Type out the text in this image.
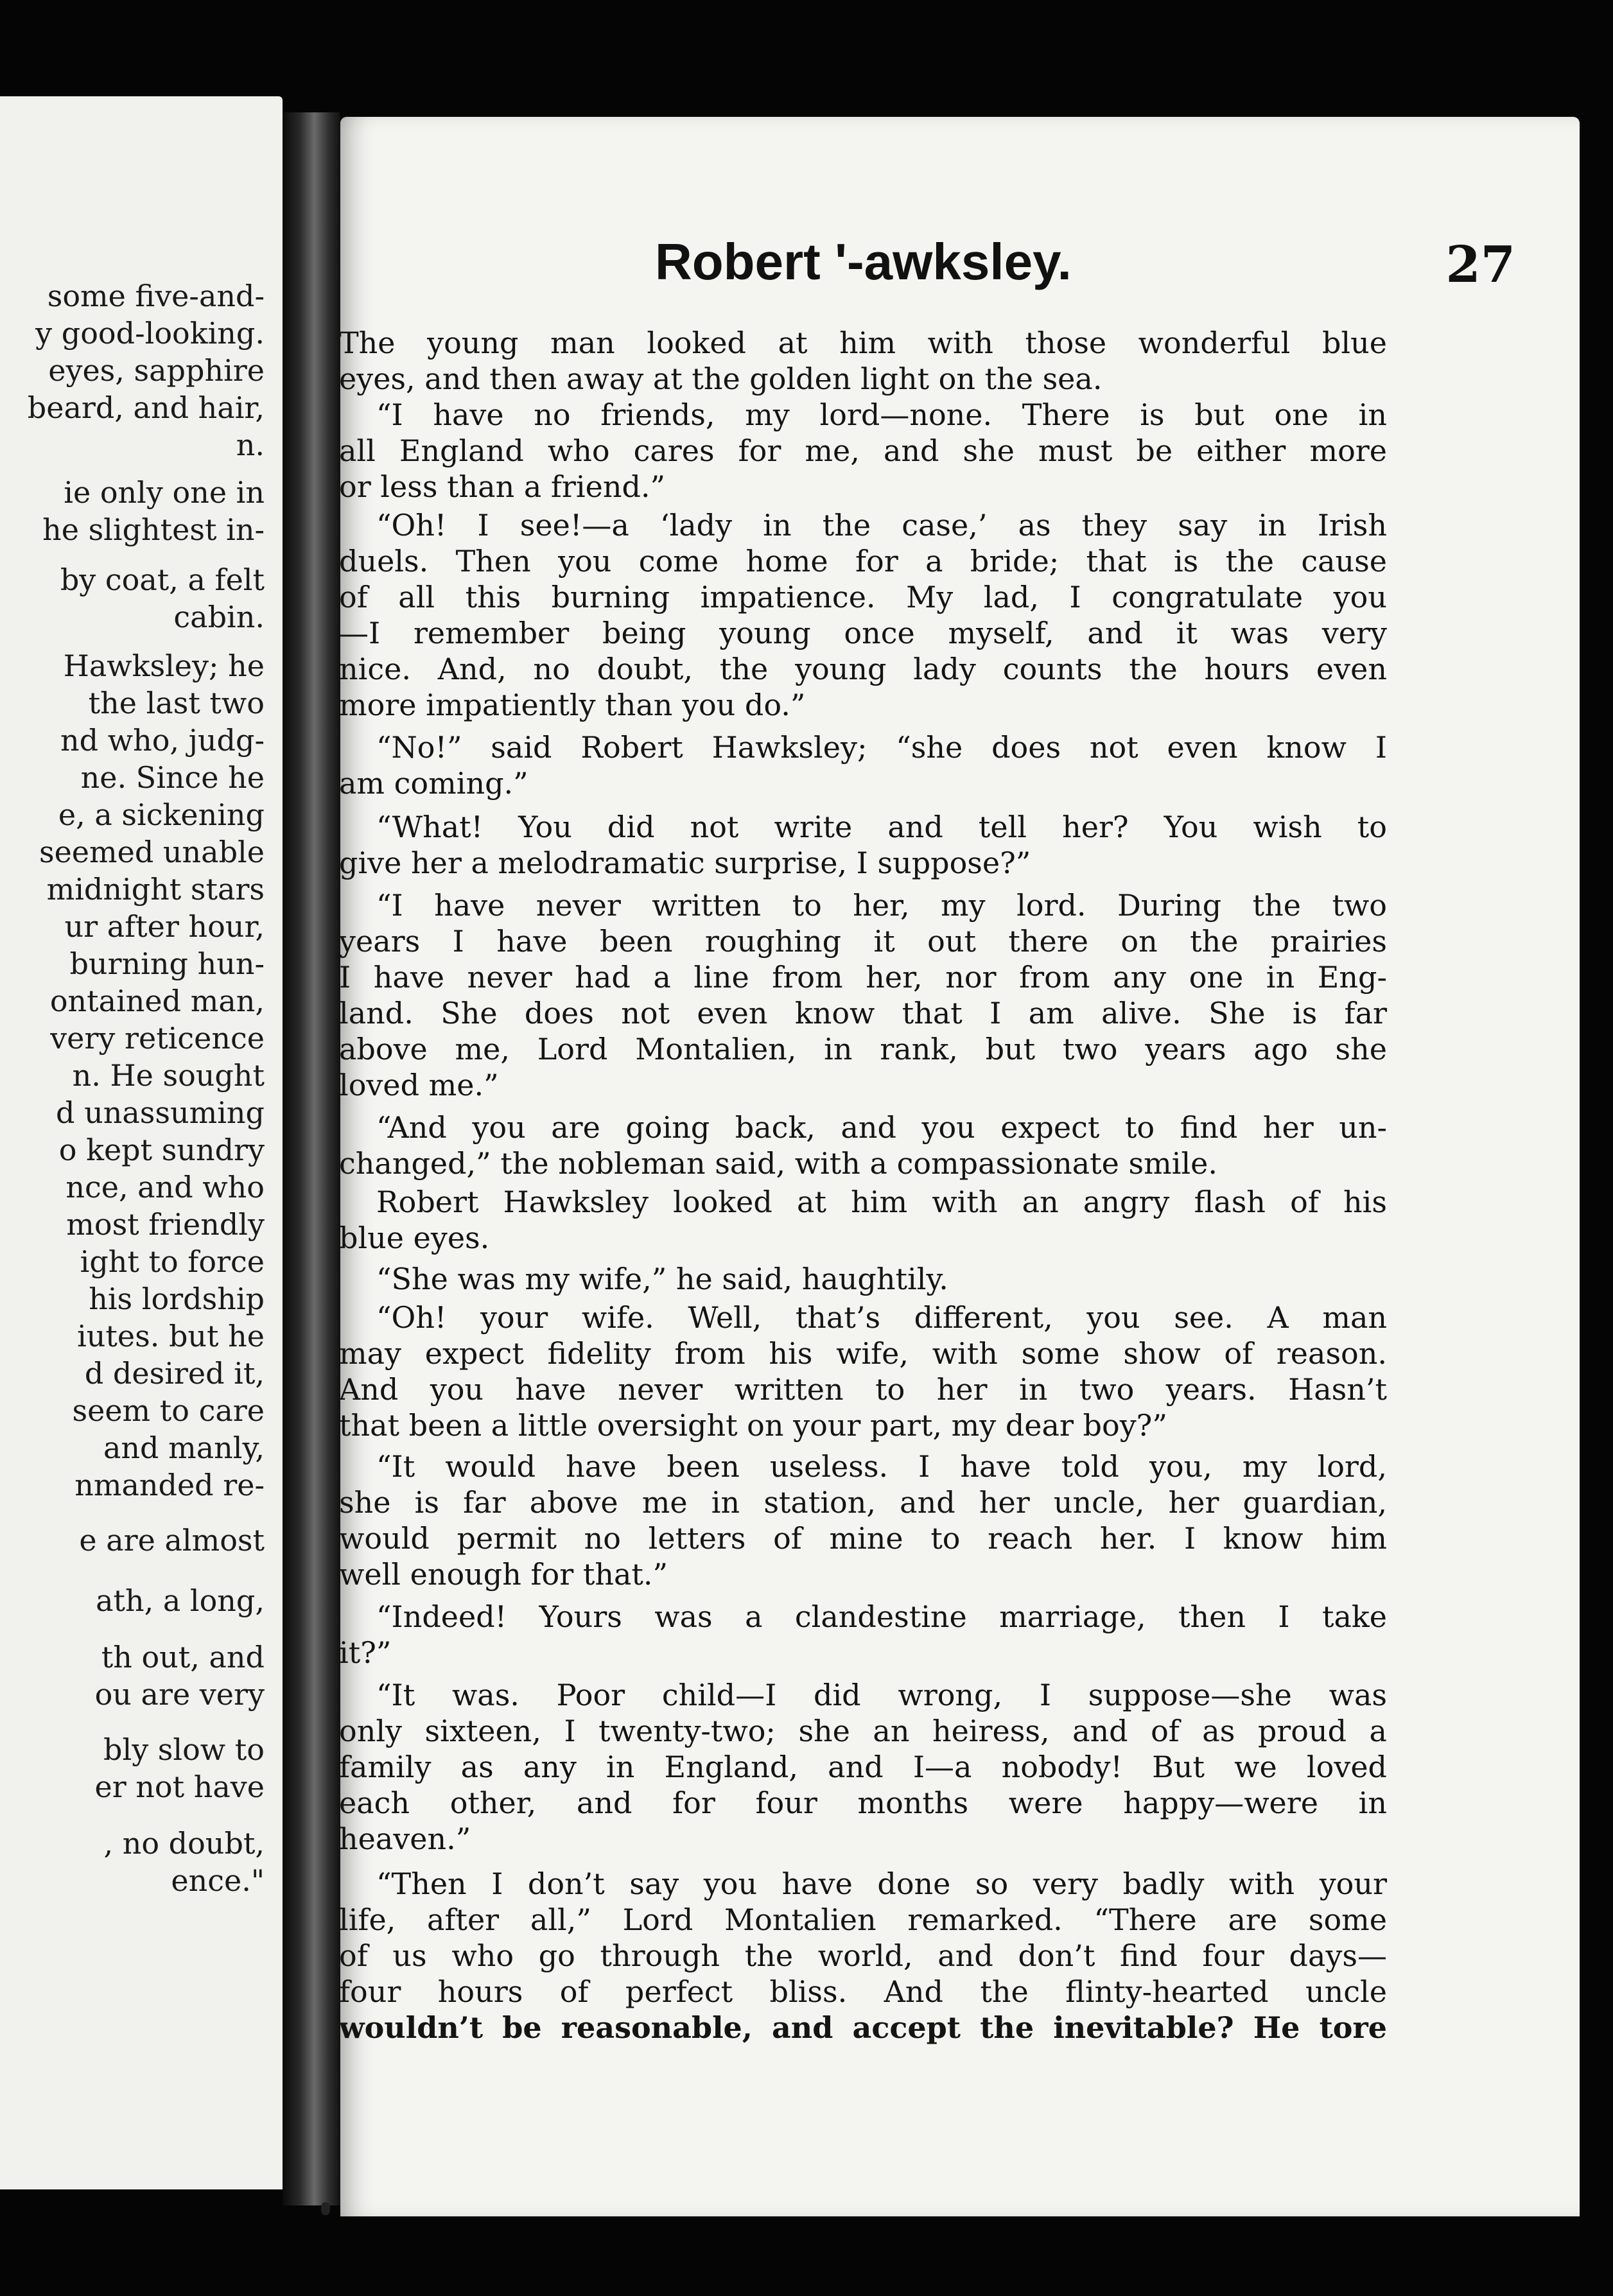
some five-and-
y good-looking.
eyes, sapphire
beard, and hair,
n.
ie only one in
he slightest in-
by coat, a felt
cabin.
Hawksley; he
the last two
nd who, judg-
ne. Since he
e, a sickening
seemed unable
midnight stars
ur after hour,
burning hun-
ontained man,
very reticence
n. He sought
d unassuming
o kept sundry
nce, and who
most friendly
ight to force
his lordship
iutes. but he
d desired it,
seem to care
and manly,
nmanded re-
e are almost
ath, a long,
th out, and
ou are very
bly slow to
er not have
, no doubt,
ence."
Robert '-awksley.	27
The young man looked at him with those wonderful blue
eyes, and then away at the golden light on the sea.
“I have no friends, my lord—none. There is but one in
all England who cares for me, and she must be either more
or less than a friend.”
“Oh! I see!—a ‘lady in the case,’ as they say in Irish
duels. Then you come home for a bride; that is the cause
of all this burning impatience. My lad, I congratulate you
—I remember being young once myself, and it was very
nice. And, no doubt, the young lady counts the hours even
more impatiently than you do.”
“No!” said Robert Hawksley; “she does not even know I
am coming.”
“What! You did not write and tell her? You wish to
give her a melodramatic surprise, I suppose?”
“I have never written to her, my lord. During the two
years I have been roughing it out there on the prairies
I have never had a line from her, nor from any one in Eng-
land. She does not even know that I am alive. She is far
above me, Lord Montalien, in rank, but two years ago she
loved me.”
“And you are going back, and you expect to find her un-
changed,” the nobleman said, with a compassionate smile.
Robert Hawksley looked at him with an angry flash of his
blue eyes.
“She was my wife,” he said, haughtily.
“Oh! your wife. Well, that’s different, you see. A man
may expect fidelity from his wife, with some show of reason.
And you have never written to her in two years. Hasn’t
that been a little oversight on your part, my dear boy?”
“It would have been useless. I have told you, my lord,
she is far above me in station, and her uncle, her guardian,
would permit no letters of mine to reach her. I know him
well enough for that.”
“Indeed! Yours was a clandestine marriage, then I take
it?”
“It was. Poor child—I did wrong, I suppose—she was
only sixteen, I twenty-two; she an heiress, and of as proud a
family as any in England, and I—a nobody! But we loved
each other, and for four months were happy—were in
heaven.”
“Then I don’t say you have done so very badly with your
life, after all,” Lord Montalien remarked. “There are some
of us who go through the world, and don’t find four days—
four hours of perfect bliss. And the flinty-hearted uncle
wouldn’t be reasonable, and accept the inevitable? He tore
